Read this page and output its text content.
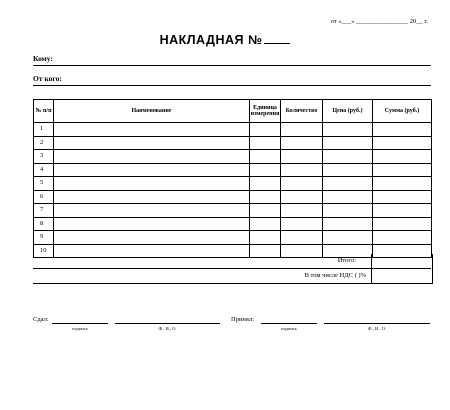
от «___» ________________ 20__ г.
НАКЛАДНАЯ №
Кому:
От кого:
№ п/п	Наименование	Единица измерения	Количество	Цена (руб.)	Сумма (руб.)
1					
2					
3					
4					
5					
6					
7					
8					
9					
10					
Итого:
В том числе НДС ( )%
Сдал:
подпись	Ф., И., О.
Принял:
подпись	Ф., И., О.
